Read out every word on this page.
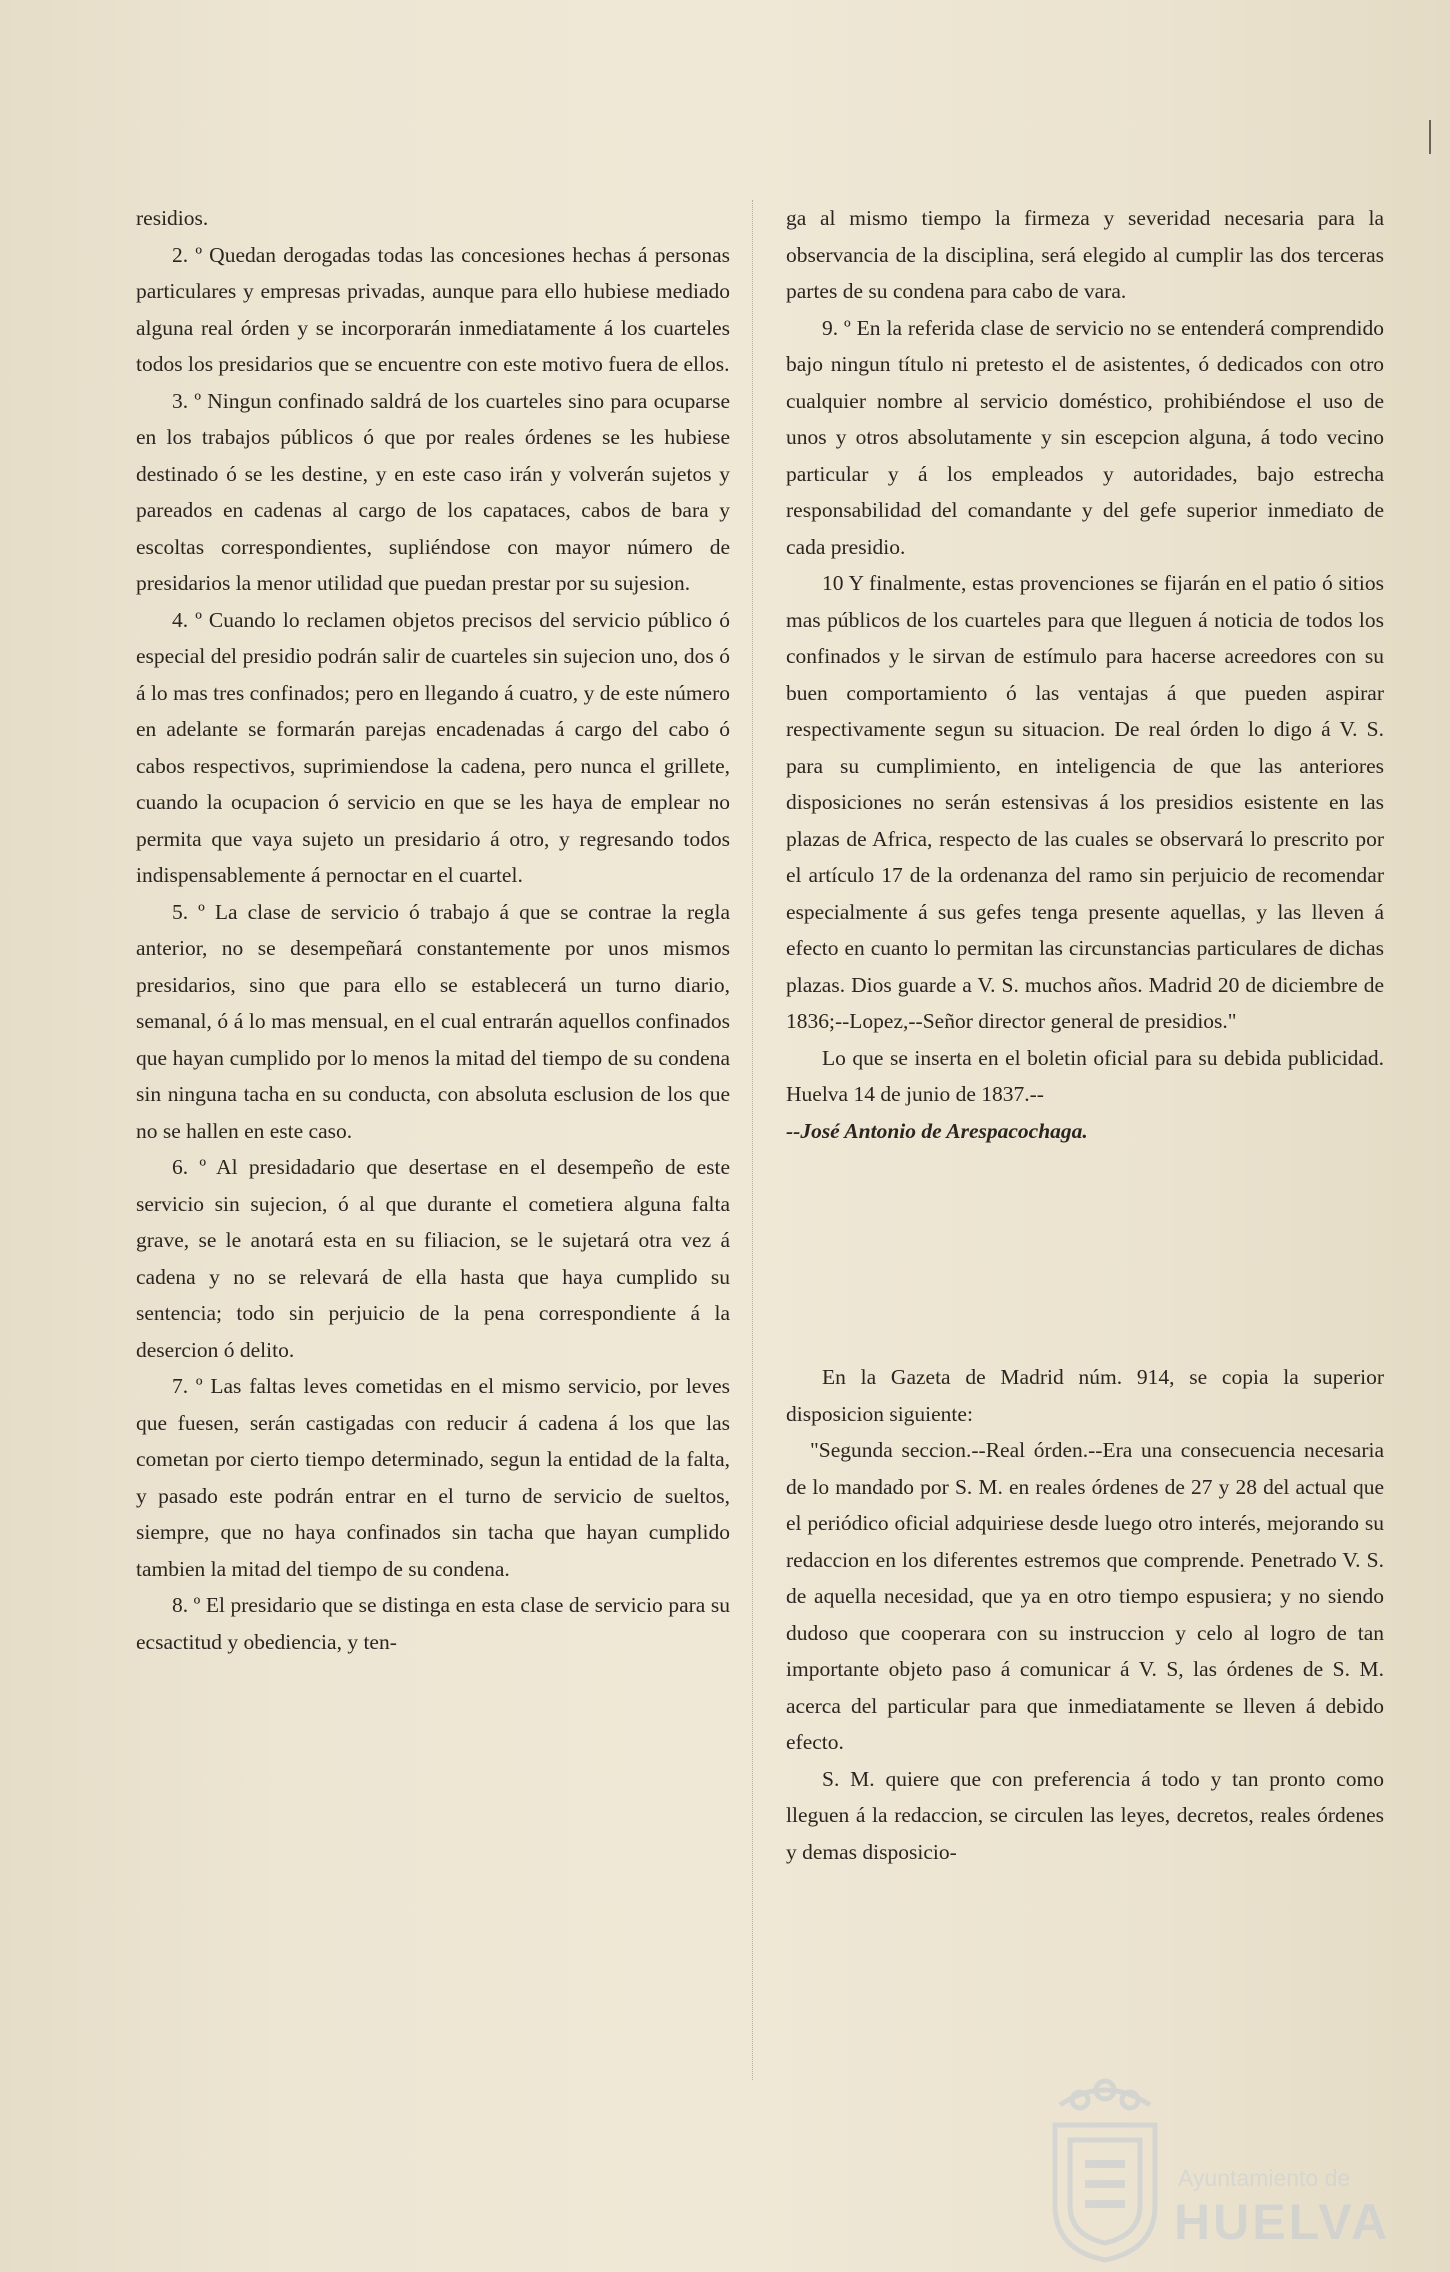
residios.

2. º Quedan derogadas todas las concesiones hechas á personas particulares y empresas privadas, aunque para ello hubiese mediado alguna real órden y se incorporarán inmediatamente á los cuarteles todos los presidarios que se encuentre con este motivo fuera de ellos.

3. º Ningun confinado saldrá de los cuarteles sino para ocuparse en los trabajos públicos ó que por reales órdenes se les hubiese destinado ó se les destine, y en este caso irán y volverán sujetos y pareados en cadenas al cargo de los capataces, cabos de bara y escoltas correspondientes, supliéndose con mayor número de presidarios la menor utilidad que puedan prestar por su sujesion.

4. º Cuando lo reclamen objetos precisos del servicio público ó especial del presidio podrán salir de cuarteles sin sujecion uno, dos ó á lo mas tres confinados; pero en llegando á cuatro, y de este número en adelante se formarán parejas encadenadas á cargo del cabo ó cabos respectivos, suprimiendose la cadena, pero nunca el grillete, cuando la ocupacion ó servicio en que se les haya de emplear no permita que vaya sujeto un presidario á otro, y regresando todos indispensablemente á pernoctar en el cuartel.

5. º La clase de servicio ó trabajo á que se contrae la regla anterior, no se desempeñará constantemente por unos mismos presidarios, sino que para ello se establecerá un turno diario, semanal, ó á lo mas mensual, en el cual entrarán aquellos confinados que hayan cumplido por lo menos la mitad del tiempo de su condena sin ninguna tacha en su conducta, con absoluta esclusion de los que no se hallen en este caso.

6. º Al presidadario que desertase en el desempeño de este servicio sin sujecion, ó al que durante el cometiera alguna falta grave, se le anotará esta en su filiacion, se le sujetará otra vez á cadena y no se relevará de ella hasta que haya cumplido su sentencia; todo sin perjuicio de la pena correspondiente á la desercion ó delito.

7. º Las faltas leves cometidas en el mismo servicio, por leves que fuesen, serán castigadas con reducir á cadena á los que las cometan por cierto tiempo determinado, segun la entidad de la falta, y pasado este podrán entrar en el turno de servicio de sueltos, siempre, que no haya confinados sin tacha que hayan cumplido tambien la mitad del tiempo de su condena.

8. º El presidario que se distinga en esta clase de servicio para su ecsactitud y obediencia, y ten-

ga al mismo tiempo la firmeza y severidad necesaria para la observancia de la disciplina, será elegido al cumplir las dos terceras partes de su condena para cabo de vara.

9. º En la referida clase de servicio no se entenderá comprendido bajo ningun título ni pretesto el de asistentes, ó dedicados con otro cualquier nombre al servicio doméstico, prohibiéndose el uso de unos y otros absolutamente y sin escepcion alguna, á todo vecino particular y á los empleados y autoridades, bajo estrecha responsabilidad del comandante y del gefe superior inmediato de cada presidio.

10 Y finalmente, estas provenciones se fijarán en el patio ó sitios mas públicos de los cuarteles para que lleguen á noticia de todos los confinados y le sirvan de estímulo para hacerse acreedores con su buen comportamiento ó las ventajas á que pueden aspirar respectivamente segun su situacion. De real órden lo digo á V. S. para su cumplimiento, en inteligencia de que las anteriores disposiciones no serán estensivas á los presidios esistente en las plazas de Africa, respecto de las cuales se observará lo prescrito por el artículo 17 de la ordenanza del ramo sin perjuicio de recomendar especialmente á sus gefes tenga presente aquellas, y las lleven á efecto en cuanto lo permitan las circunstancias particulares de dichas plazas. Dios guarde a V. S. muchos años. Madrid 20 de diciembre de 1836;--Lopez,--Señor director general de presidios."

Lo que se inserta en el boletin oficial para su debida publicidad. Huelva 14 de junio de 1837.--

--José Antonio de Arespacochaga.

En la Gazeta de Madrid núm. 914, se copia la superior disposicion siguiente:

"Segunda seccion.--Real órden.--Era una consecuencia necesaria de lo mandado por S. M. en reales órdenes de 27 y 28 del actual que el periódico oficial adquiriese desde luego otro interés, mejorando su redaccion en los diferentes estremos que comprende. Penetrado V. S. de aquella necesidad, que ya en otro tiempo espusiera; y no siendo dudoso que cooperara con su instruccion y celo al logro de tan importante objeto paso á comunicar á V. S, las órdenes de S. M. acerca del particular para que inmediatamente se lleven á debido efecto.

S. M. quiere que con preferencia á todo y tan pronto como lleguen á la redaccion, se circulen las leyes, decretos, reales órdenes y demas disposicio-

Ayuntamiento de
HUELVA
